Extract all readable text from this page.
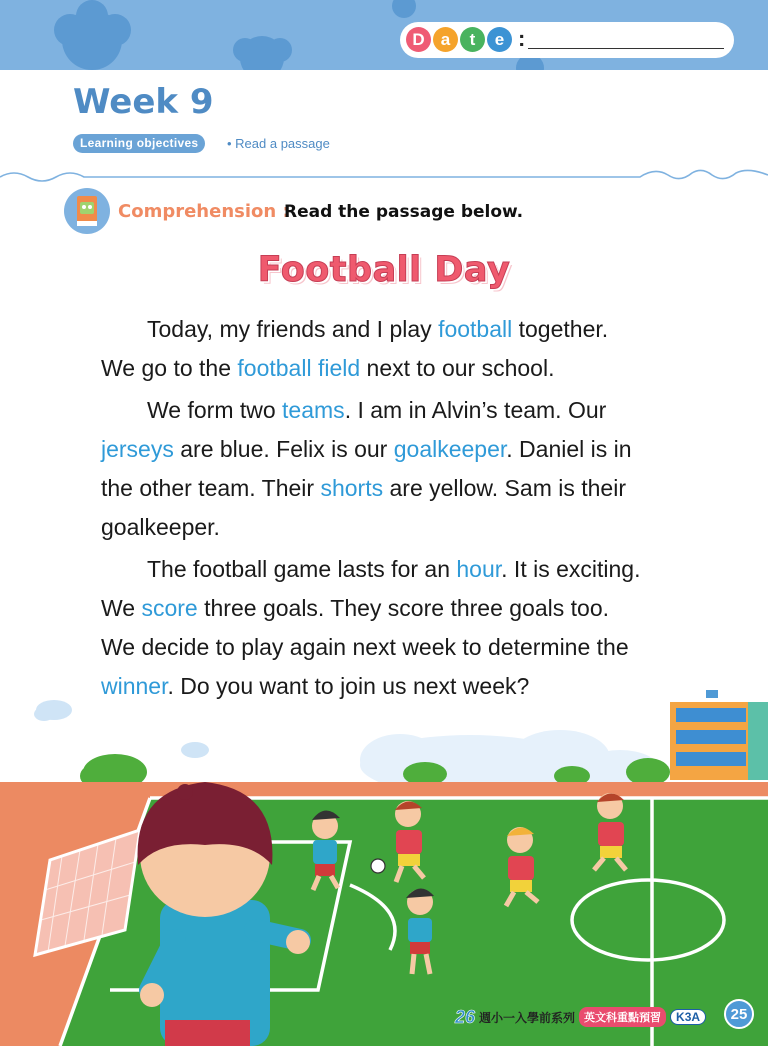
D a	t	e :
Week 9
Learning objectives	• Read a passage
Comprehension :
Read the passage below.
Football Day
Today, my friends and I play football together.
We go to the football field next to our school.
We form two teams. I am in Alvin’s team. Our
jerseys are blue. Felix is our goalkeeper. Daniel is in
the other team. Their shorts are yellow. Sam is their
goalkeeper.
The football game lasts for an hour. It is exciting.
We score three goals. They score three goals too.
We decide to play again next week to determine the
winner. Do you want to join us next week?
26 週小一入學前系列 英文科重點預習	K3A	25
